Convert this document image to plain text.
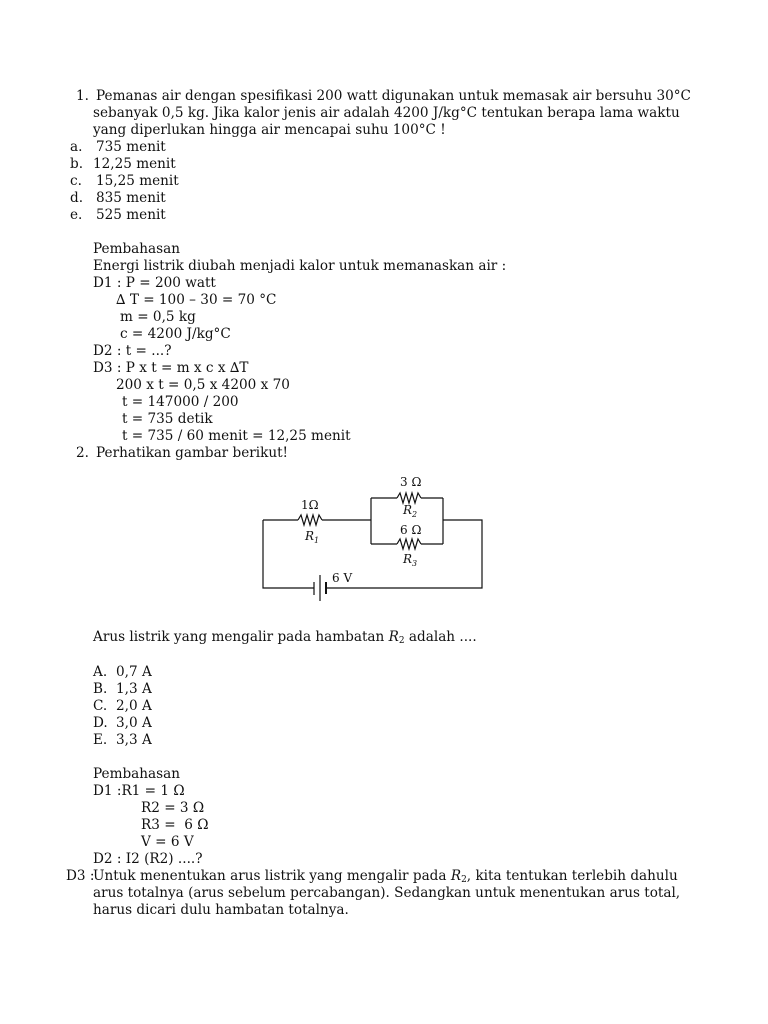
1. Pemanas air dengan spesifikasi 200 watt digunakan untuk memasak air bersuhu 30°C
sebanyak 0,5 kg. Jika kalor jenis air adalah 4200 J/kg°C tentukan berapa lama waktu
yang diperlukan hingga air mencapai suhu 100°C !
a. 735 menit
b. 12,25 menit
c. 15,25 menit
d. 835 menit
e. 525 menit
Pembahasan
Energi listrik diubah menjadi kalor untuk memanaskan air :
D1 : P = 200 watt
∆ T = 100 – 30 = 70 °C
m = 0,5 kg
c = 4200 J/kg°C
D2 : t = ...?
D3 : P x t = m x c x ∆T
200 x t = 0,5 x 4200 x 70
t = 147000 / 200
t = 735 detik
t = 735 / 60 menit = 12,25 menit
2. Perhatikan gambar berikut!
1Ω
$R_1$
3 Ω
$R_2$
6 Ω
$R_3$
6 V
Arus listrik yang mengalir pada hambatan $R_2$ adalah ....
A. 0,7 A
B. 1,3 A
C. 2,0 A
D. 3,0 A
E. 3,3 A
Pembahasan
D1 :R1 = 1 Ω
R2 = 3 Ω
R3 =  6 Ω
V = 6 V
D2 : I2 (R2) ....?
D3 :
Untuk menentukan arus listrik yang mengalir pada $R_2$, kita tentukan terlebih dahulu
arus totalnya (arus sebelum percabangan). Sedangkan untuk menentukan arus total,
harus dicari dulu hambatan totalnya.
